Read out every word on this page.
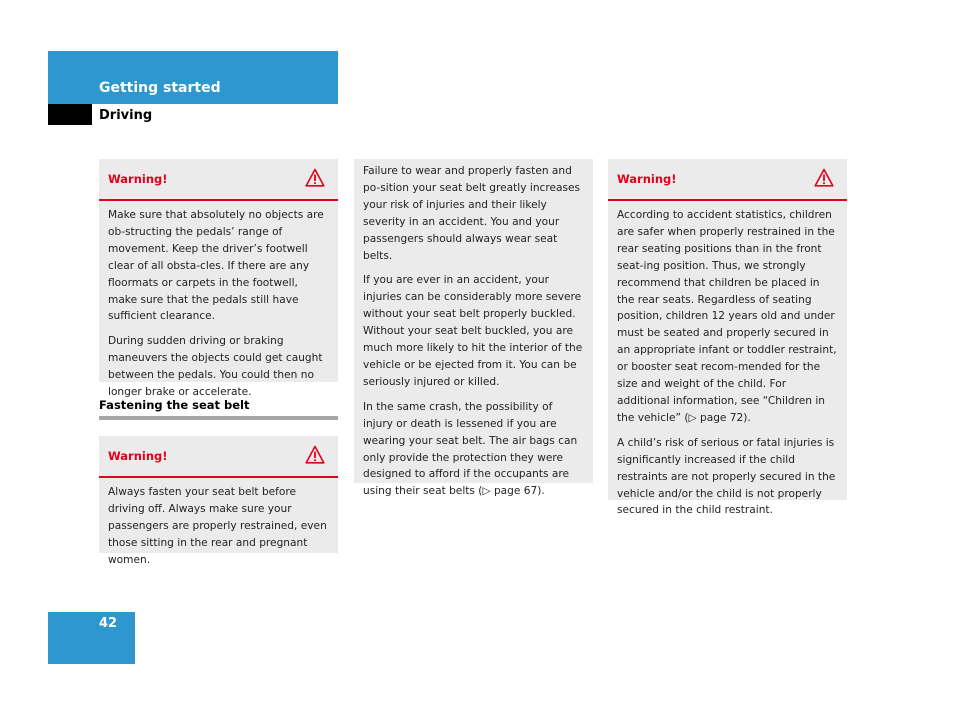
Getting started
Driving
Warning!

Make sure that absolutely no objects are ob-structing the pedals’ range of movement. Keep the driver’s footwell clear of all obsta-cles. If there are any floormats or carpets in the footwell, make sure that the pedals still have sufficient clearance.

During sudden driving or braking maneuvers the objects could get caught between the pedals. You could then no longer brake or accelerate.

Fastening the seat belt
Warning!

Always fasten your seat belt before driving off. Always make sure your passengers are properly restrained, even those sitting in the rear and pregnant women.

Failure to wear and properly fasten and po-sition your seat belt greatly increases your risk of injuries and their likely severity in an accident. You and your passengers should always wear seat belts.

If you are ever in an accident, your injuries can be considerably more severe without your seat belt properly buckled. Without your seat belt buckled, you are much more likely to hit the interior of the vehicle or be ejected from it. You can be seriously injured or killed.

In the same crash, the possibility of injury or death is lessened if you are wearing your seat belt. The air bags can only provide the protection they were designed to afford if the occupants are using their seat belts (▷ page 67).

Warning!

According to accident statistics, children are safer when properly restrained in the rear seating positions than in the front seat-ing position. Thus, we strongly recommend that children be placed in the rear seats. Regardless of seating position, children 12 years old and under must be seated and properly secured in an appropriate infant or toddler restraint, or booster seat recom-mended for the size and weight of the child. For additional information, see “Children in the vehicle” (▷ page 72).

A child’s risk of serious or fatal injuries is significantly increased if the child restraints are not properly secured in the vehicle and/or the child is not properly secured in the child restraint.

42
